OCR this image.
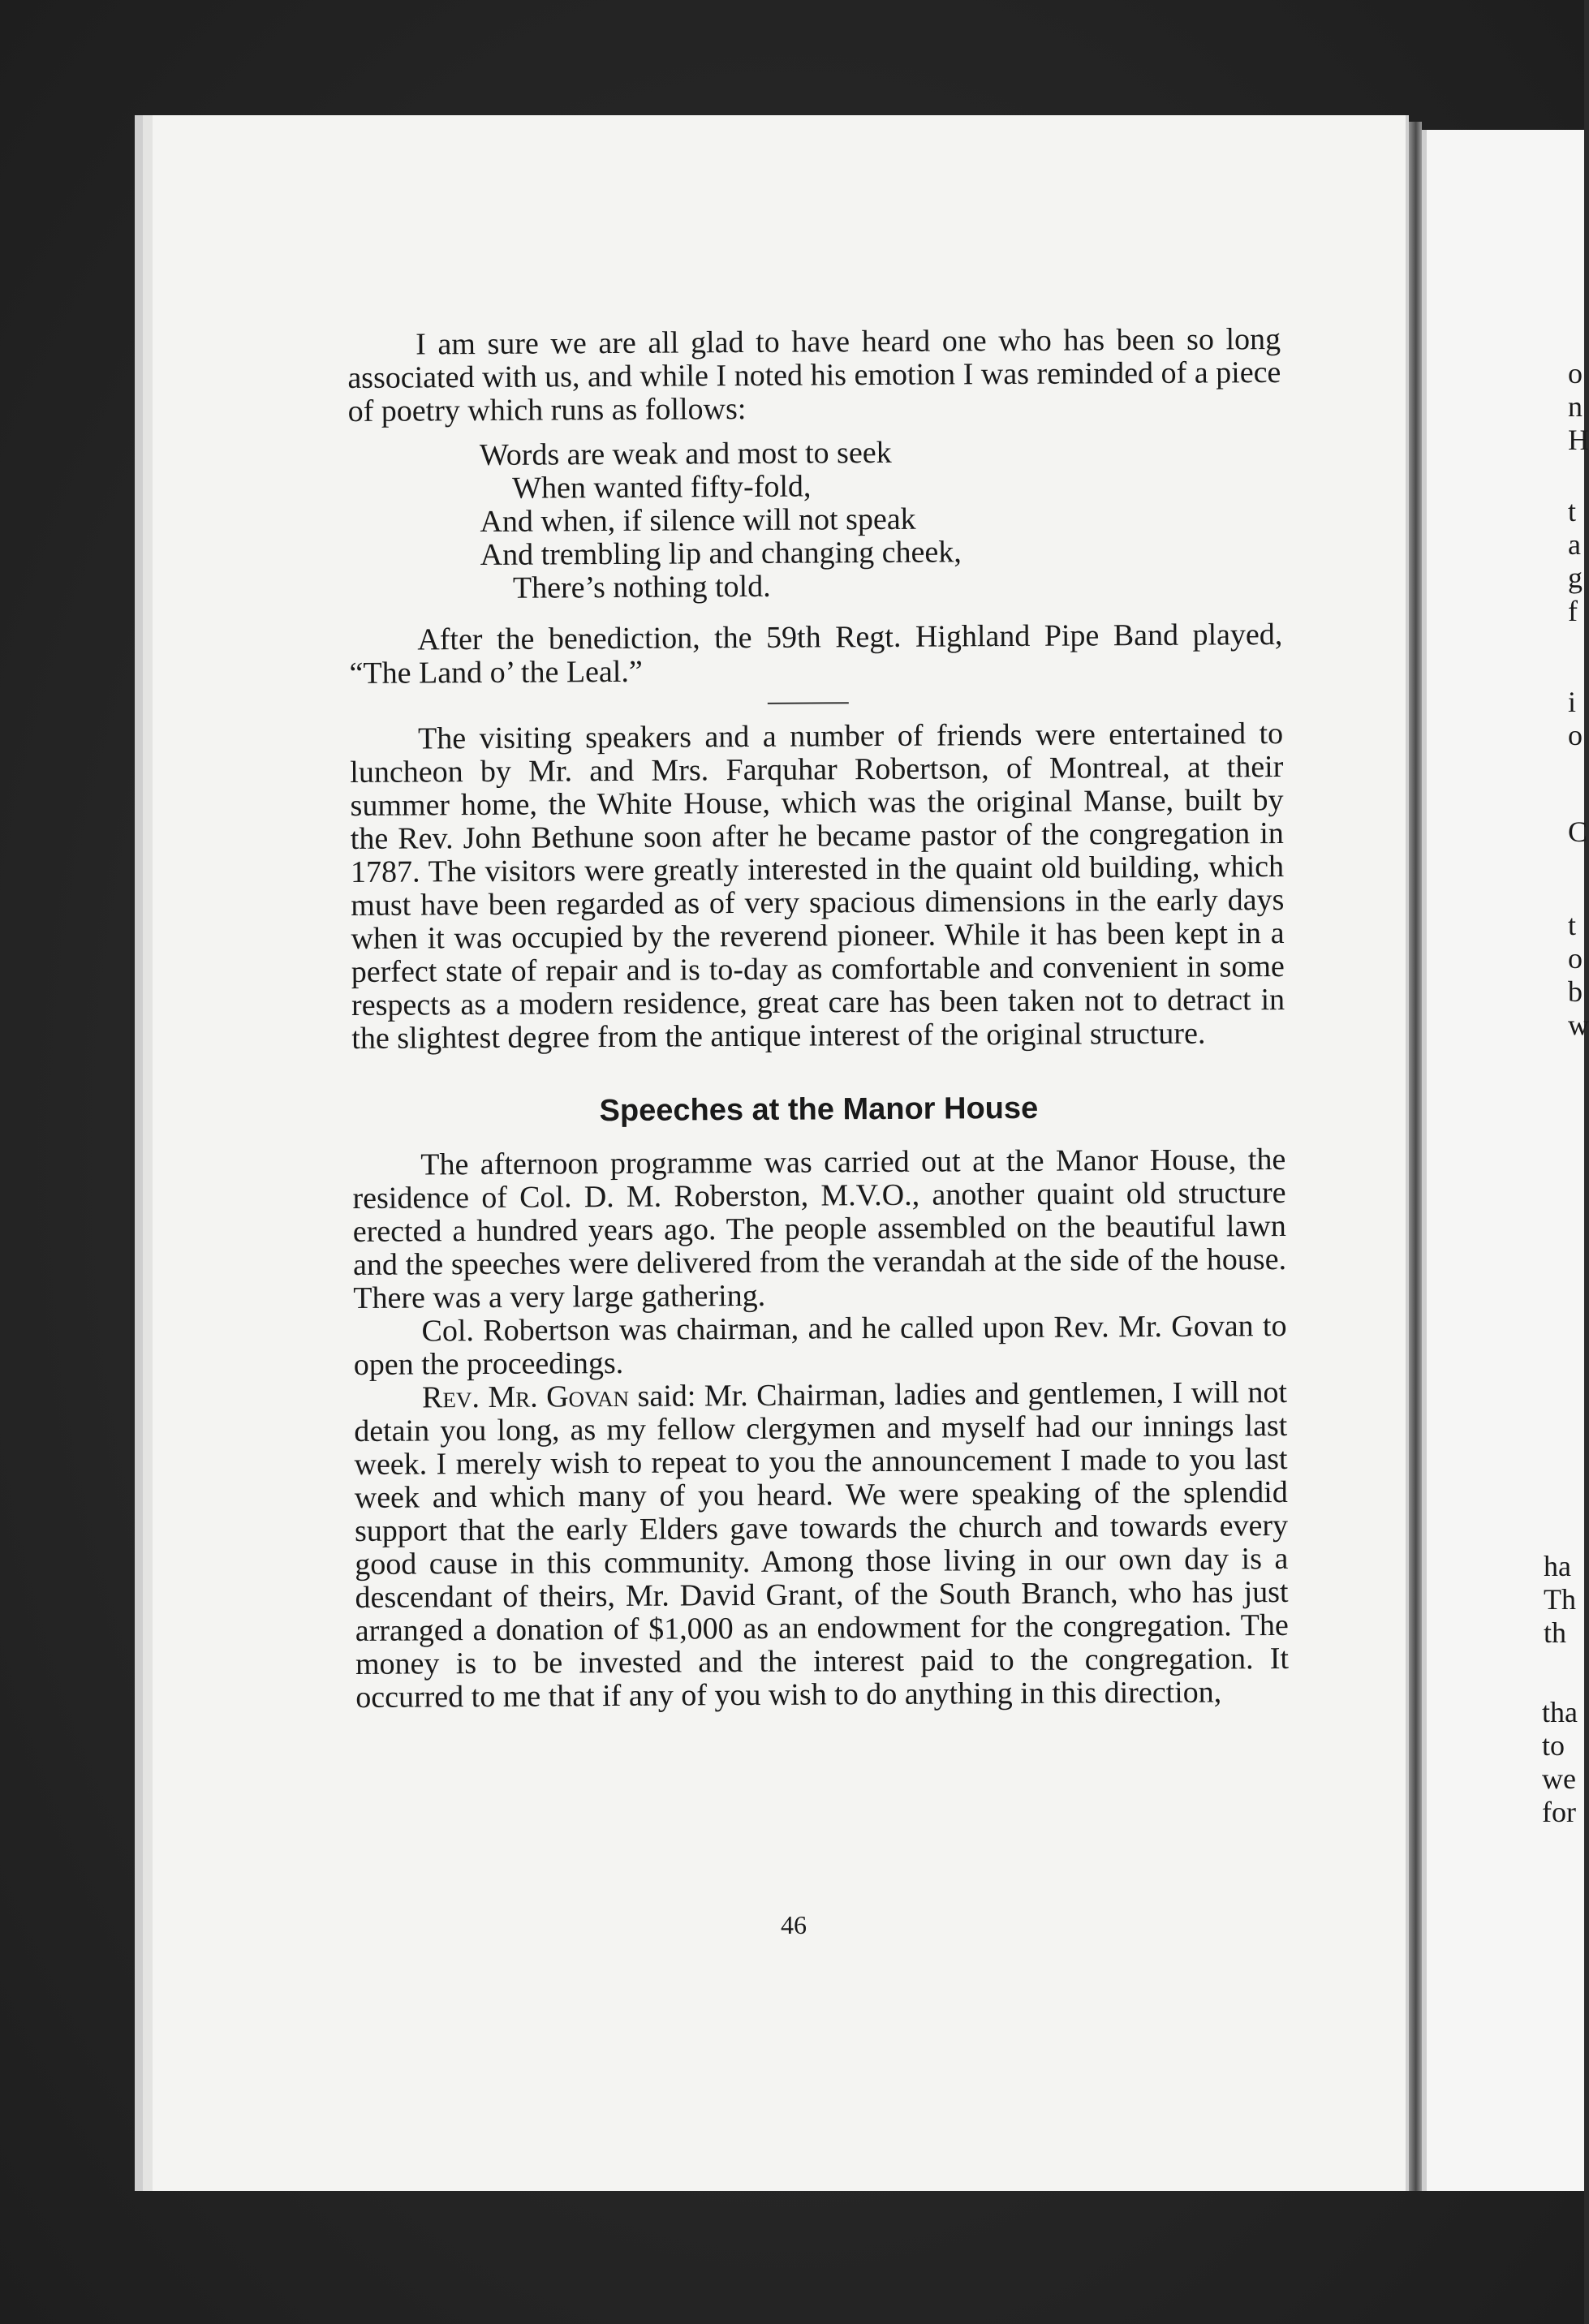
I am sure we are all glad to have heard one who has been so long associated with us, and while I noted his emotion I was reminded of a piece of poetry which runs as follows:

Words are weak and most to seek
When wanted fifty-fold,
And when, if silence will not speak
And trembling lip and changing cheek,
There’s nothing told.

After the benediction, the 59th Regt. Highland Pipe Band played, “The Land o’ the Leal.”

The visiting speakers and a number of friends were entertained to luncheon by Mr. and Mrs. Farquhar Robertson, of Montreal, at their summer home, the White House, which was the original Manse, built by the Rev. John Bethune soon after he became pastor of the congregation in 1787. The visitors were greatly interested in the quaint old building, which must have been regarded as of very spacious dimensions in the early days when it was occupied by the reverend pioneer. While it has been kept in a perfect state of repair and is to-day as comfortable and convenient in some respects as a modern residence, great care has been taken not to detract in the slightest degree from the antique interest of the original structure.

Speeches at the Manor House

The afternoon programme was carried out at the Manor House, the residence of Col. D. M. Roberston, M.V.O., another quaint old structure erected a hundred years ago. The people assembled on the beautiful lawn and the speeches were delivered from the verandah at the side of the house. There was a very large gathering.

Col. Robertson was chairman, and he called upon Rev. Mr. Govan to open the proceedings.

Rev. Mr. Govan said: Mr. Chairman, ladies and gentlemen, I will not detain you long, as my fellow clergymen and myself had our innings last week. I merely wish to repeat to you the announcement I made to you last week and which many of you heard. We were speaking of the splendid support that the early Elders gave towards the church and towards every good cause in this community. Among those living in our own day is a descendant of theirs, Mr. David Grant, of the South Branch, who has just arranged a donation of $1,000 as an endowment for the congregation. The money is to be invested and the interest paid to the congregation. It occurred to me that if any of you wish to do anything in this direction,

46
o
n
H
t
a
g
f
i
o
C
t
o
b
w
ha
Th
th
tha
to
we
for
